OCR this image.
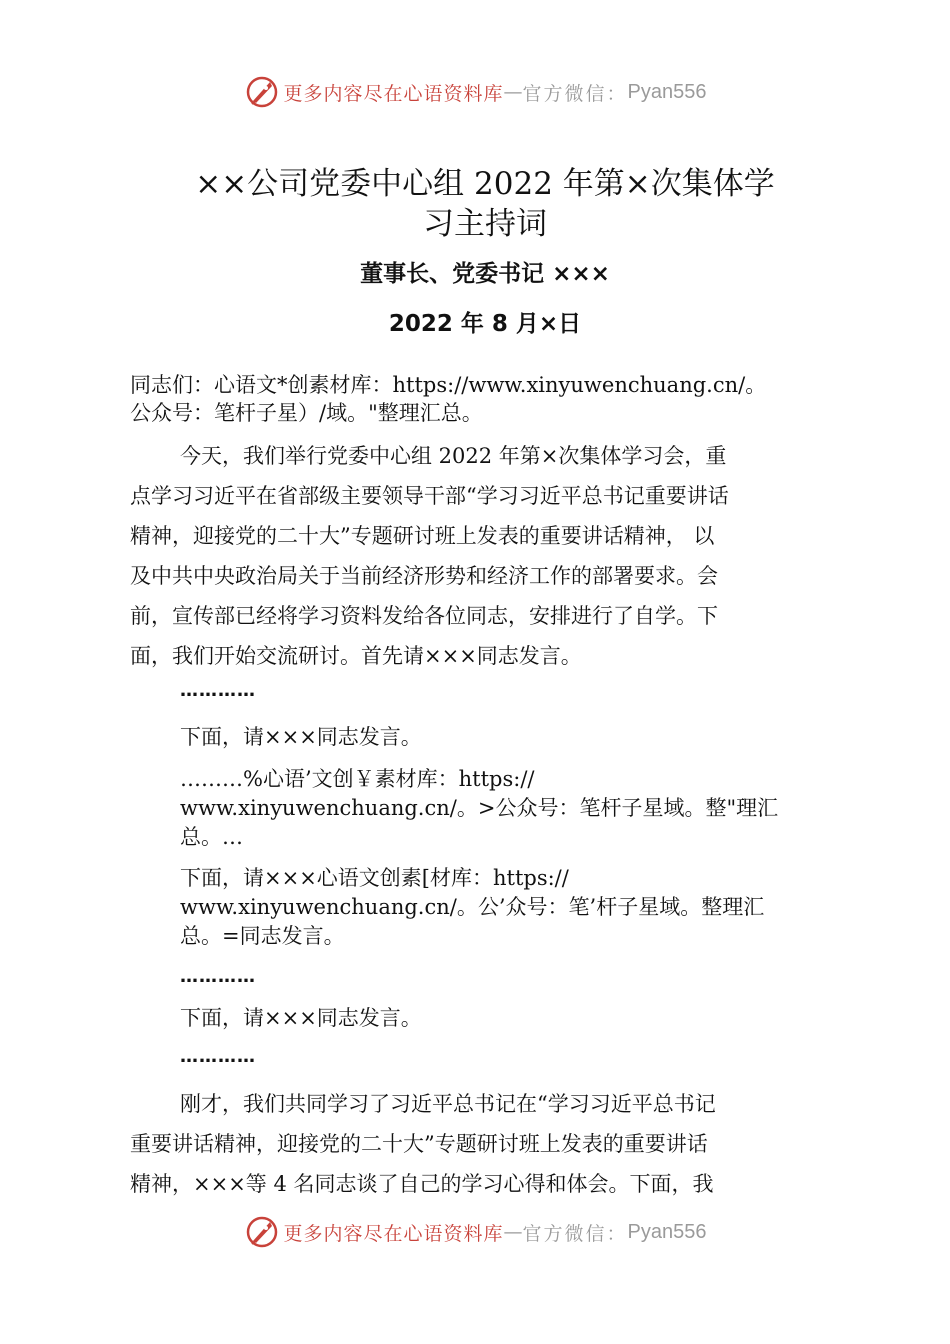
更多内容尽在心语资料库 — 官方微信： Pyan556
××公司党委中心组 2022 年第×次集体学
习主持词
董事长、党委书记 ×××
2022 年 8 月×日
同志们：心语文*创素材库：https://www.xinyuwenchuang.cn/。
公众号：笔杆子星）/域。"整理汇总。
今天，我们举行党委中心组 2022 年第×次集体学习会，重
点学习习近平在省部级主要领导干部“学习习近平总书记重要讲话
精神，迎接党的二十大”专题研讨班上发表的重要讲话精神， 以
及中共中央政治局关于当前经济形势和经济工作的部署要求。会
前，宣传部已经将学习资料发给各位同志，安排进行了自学。下
面，我们开始交流研讨。首先请×××同志发言。
…………
下面，请×××同志发言。
………%心语’文创￥素材库：https://
www.xinyuwenchuang.cn/。>公众号：笔杆子星域。整"理汇
总。…
下面，请×××心语文创素[材库：https://
www.xinyuwenchuang.cn/。公’众号：笔’杆子星域。整理汇
总。=同志发言。
…………
下面，请×××同志发言。
…………
刚才，我们共同学习了习近平总书记在“学习习近平总书记
重要讲话精神，迎接党的二十大”专题研讨班上发表的重要讲话
精神，×××等 4 名同志谈了自己的学习心得和体会。下面，我
更多内容尽在心语资料库 — 官方微信： Pyan556
